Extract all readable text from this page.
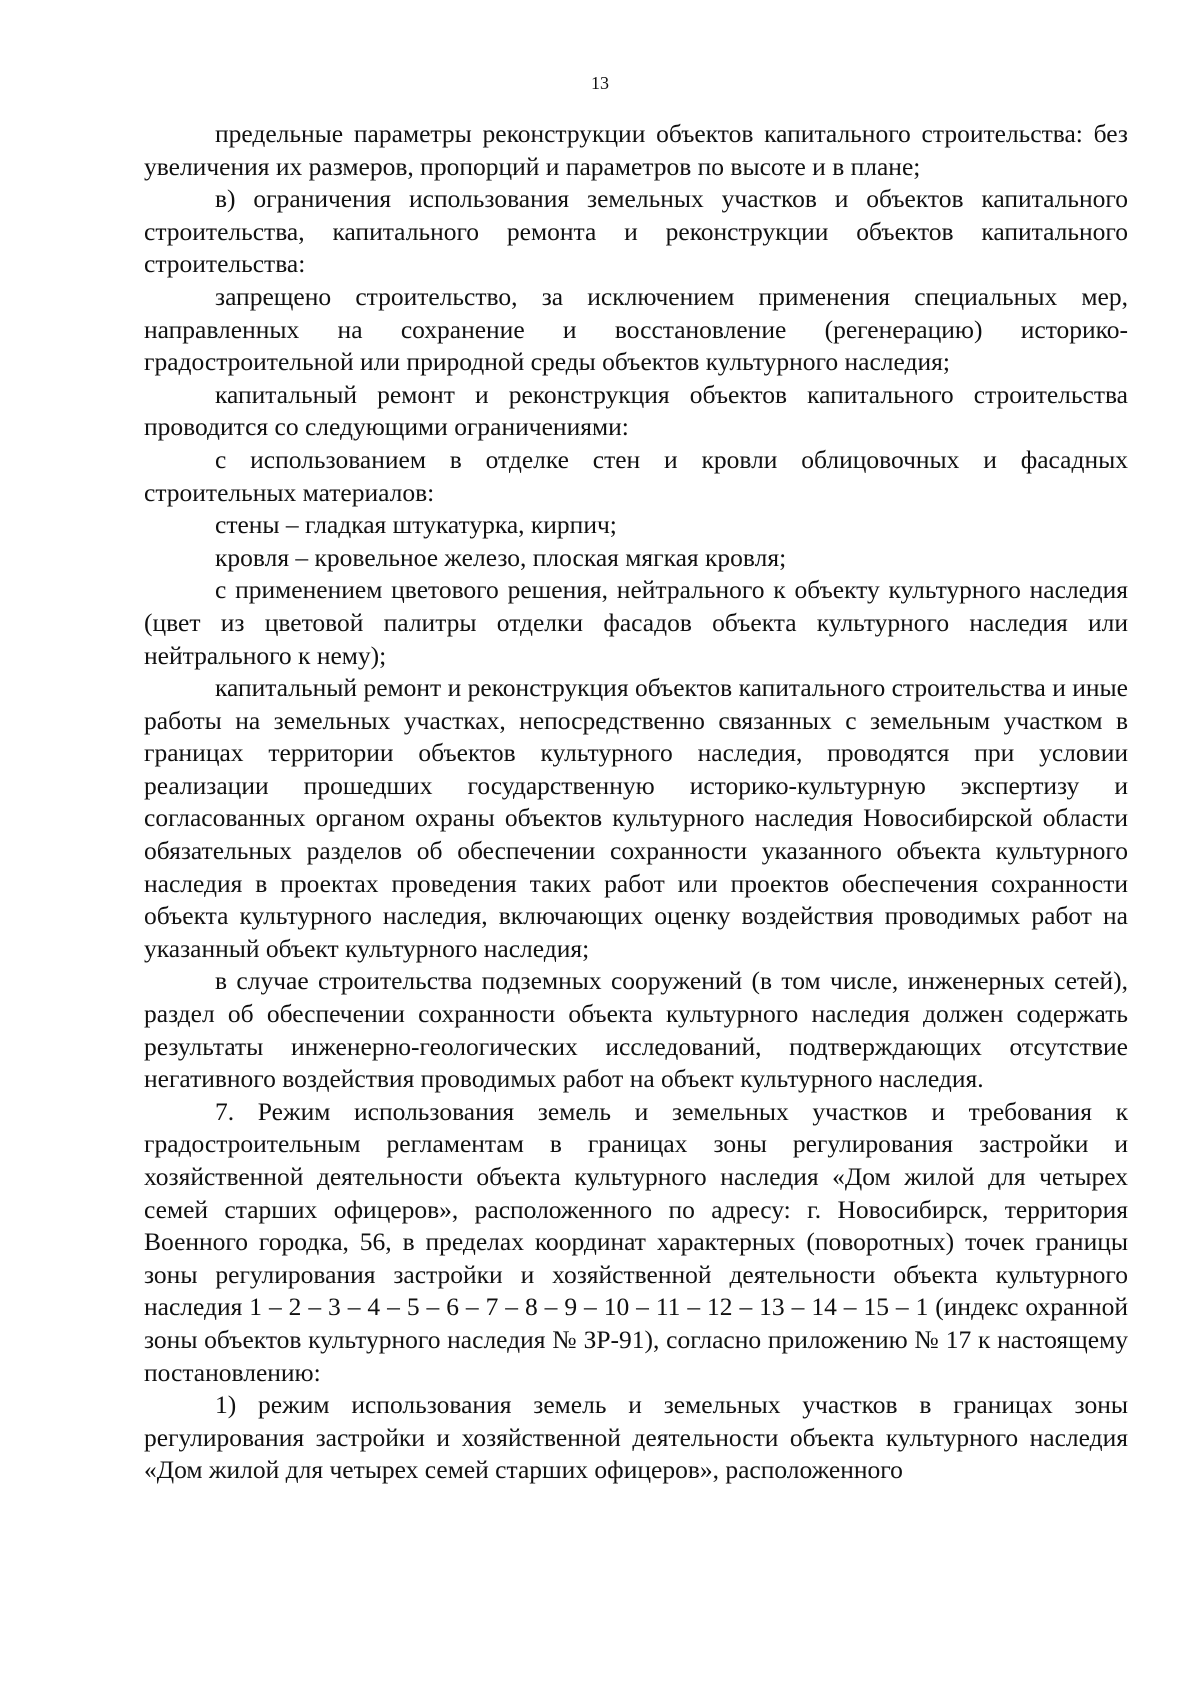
13

предельные параметры реконструкции объектов капитального строительства: без увеличения их размеров, пропорций и параметров по высоте и в плане;

в) ограничения использования земельных участков и объектов капитального строительства, капитального ремонта и реконструкции объектов капитального строительства:

запрещено строительство, за исключением применения специальных мер, направленных на сохранение и восстановление (регенерацию) историко-градостроительной или природной среды объектов культурного наследия;

капитальный ремонт и реконструкция объектов капитального строительства проводится со следующими ограничениями:

с использованием в отделке стен и кровли облицовочных и фасадных строительных материалов:

стены – гладкая штукатурка, кирпич;

кровля – кровельное железо, плоская мягкая кровля;

с применением цветового решения, нейтрального к объекту культурного наследия (цвет из цветовой палитры отделки фасадов объекта культурного наследия или нейтрального к нему);

капитальный ремонт и реконструкция объектов капитального строительства и иные работы на земельных участках, непосредственно связанных с земельным участком в границах территории объектов культурного наследия, проводятся при условии реализации прошедших государственную историко-культурную экспертизу и согласованных органом охраны объектов культурного наследия Новосибирской области обязательных разделов об обеспечении сохранности указанного объекта культурного наследия в проектах проведения таких работ или проектов обеспечения сохранности объекта культурного наследия, включающих оценку воздействия проводимых работ на указанный объект культурного наследия;

в случае строительства подземных сооружений (в том числе, инженерных сетей), раздел об обеспечении сохранности объекта культурного наследия должен содержать результаты инженерно-геологических исследований, подтверждающих отсутствие негативного воздействия проводимых работ на объект культурного наследия.

7. Режим использования земель и земельных участков и требования к градостроительным регламентам в границах зоны регулирования застройки и хозяйственной деятельности объекта культурного наследия «Дом жилой для четырех семей старших офицеров», расположенного по адресу: г. Новосибирск, территория Военного городка, 56, в пределах координат характерных (поворотных) точек границы зоны регулирования застройки и хозяйственной деятельности объекта культурного наследия 1 – 2 – 3 – 4 – 5 – 6 – 7 – 8 – 9 – 10 – 11 – 12 – 13 – 14 – 15 – 1 (индекс охранной зоны объектов культурного наследия № ЗР-91), согласно приложению № 17 к настоящему постановлению:

1) режим использования земель и земельных участков в границах зоны регулирования застройки и хозяйственной деятельности объекта культурного наследия «Дом жилой для четырех семей старших офицеров», расположенного
